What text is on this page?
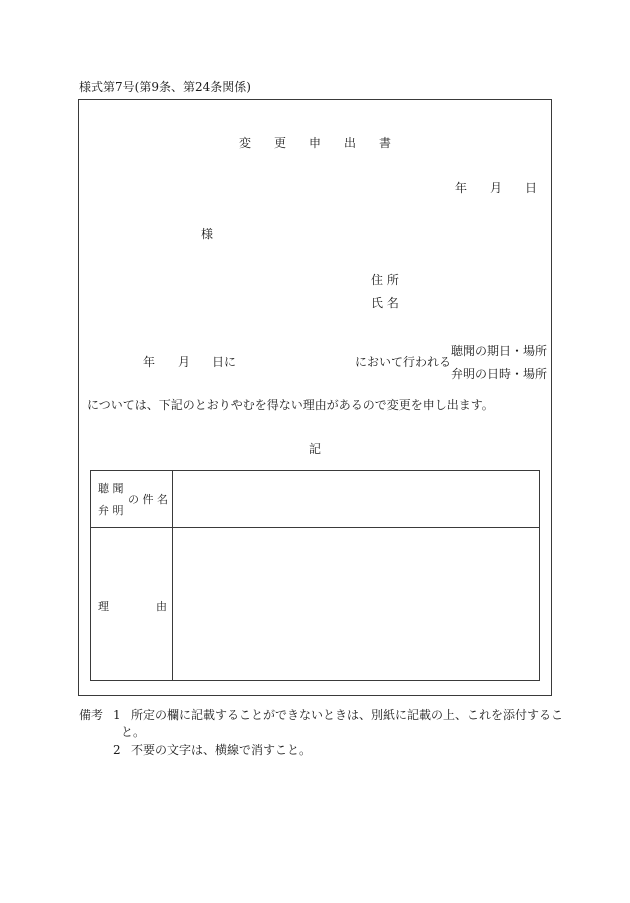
様式第7号(第9条、第24条関係)
変 更 申 出 書
年 月 日
様
住 所
氏 名
年 月 日に	において行われる
聴聞の期日・場所
弁明の日時・場所
については、下記のとおりやむを得ない理由があるので変更を申し出ます。
記
聴 聞
弁 明
の 件 名
理	由
備考 1 所定の欄に記載することができないときは、別紙に記載の上、これを添付するこ
と。
2 不要の文字は、横線で消すこと。
